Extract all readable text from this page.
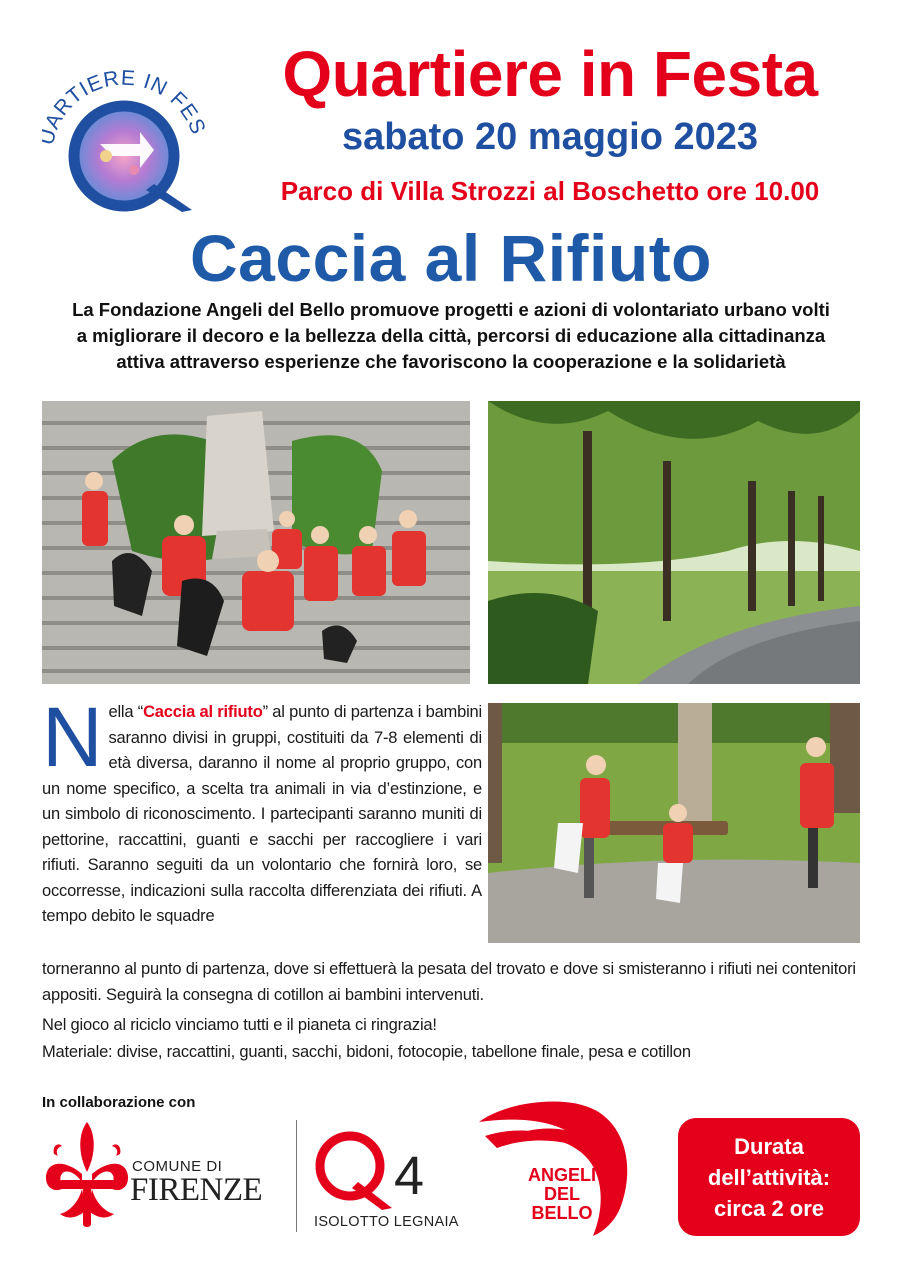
ARTIERE IN FES
Quartiere in Festa
sabato 20 maggio 2023
Parco di Villa Strozzi al Boschetto ore 10.00
Caccia al Rifiuto
La Fondazione Angeli del Bello promuove progetti e azioni di volontariato urbano volti
a migliorare il decoro e la bellezza della città, percorsi di educazione alla cittadinanza
attiva attraverso esperienze che favoriscono la cooperazione e la solidarietà
Nella “Caccia al rifiuto” al punto di partenza i bambini saranno divisi in gruppi, costituiti da 7-8 elementi di età diversa, daranno il nome al proprio gruppo, con un nome specifico, a scelta tra animali in via d’estinzione, e un simbolo di riconoscimento. I partecipanti saranno muniti di pettorine, raccattini, guanti e sacchi per raccogliere i vari rifiuti. Saranno seguiti da un volontario che fornirà loro, se occorresse, indicazioni sulla raccolta differenziata dei rifiuti. A tempo debito le squadre
torneranno al punto di partenza, dove si effettuerà la pesata del trovato e dove si smisteranno i rifiuti nei contenitori appositi. Seguirà la consegna di cotillon ai bambini intervenuti.
Nel gioco al riciclo vinciamo tutti e il pianeta ci ringrazia!
Materiale: divise, raccattini, guanti, sacchi, bidoni, fotocopie, tabellone finale, pesa e cotillon
In collaborazione con
COMUNE DI
FIRENZE 4
ISOLOTTO LEGNAIA
ANGELI
DEL
BELLO
Durata
dell’attività:
circa 2 ore
